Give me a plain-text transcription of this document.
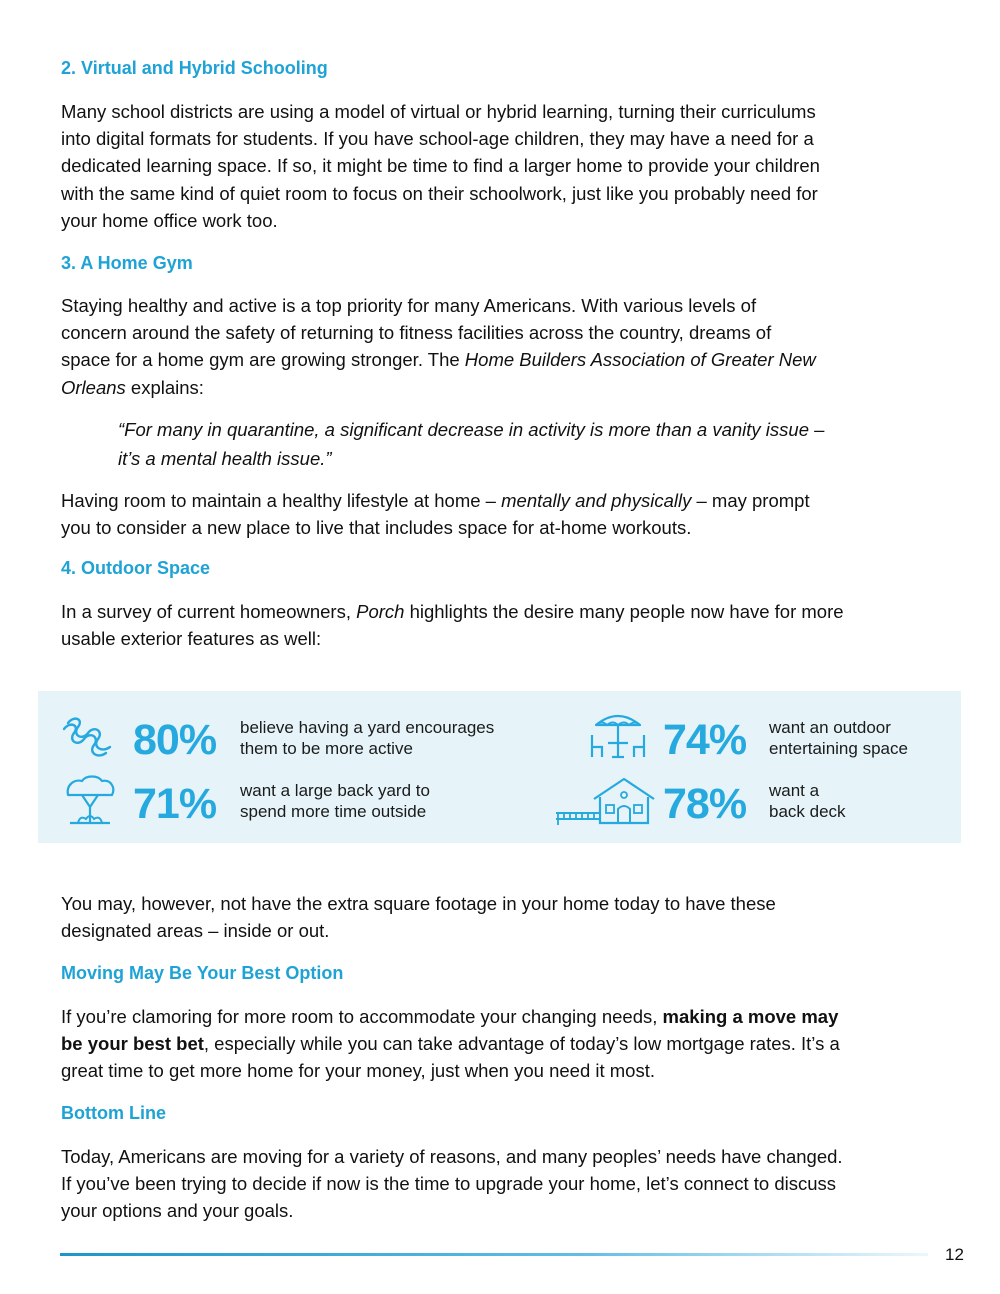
2. Virtual and Hybrid Schooling

Many school districts are using a model of virtual or hybrid learning, turning their curriculums
into digital formats for students. If you have school-age children, they may have a need for a
dedicated learning space. If so, it might be time to find a larger home to provide your children
with the same kind of quiet room to focus on their schoolwork, just like you probably need for
your home office work too.

3. A Home Gym

Staying healthy and active is a top priority for many Americans. With various levels of
concern around the safety of returning to fitness facilities across the country, dreams of
space for a home gym are growing stronger. The Home Builders Association of Greater New
Orleans explains:

“For many in quarantine, a significant decrease in activity is more than a vanity issue –
it’s a mental health issue.”

Having room to maintain a healthy lifestyle at home – mentally and physically – may prompt
you to consider a new place to live that includes space for at-home workouts.

4. Outdoor Space

In a survey of current homeowners, Porch highlights the desire many people now have for more
usable exterior features as well:

80% believe having a yard encourages
them to be more active	74% want an outdoor
entertaining space
71% want a large back yard to
spend more time outside	78% want a
back deck

You may, however, not have the extra square footage in your home today to have these
designated areas – inside or out.

Moving May Be Your Best Option

If you’re clamoring for more room to accommodate your changing needs, making a move may
be your best bet, especially while you can take advantage of today’s low mortgage rates. It’s a
great time to get more home for your money, just when you need it most.

Bottom Line

Today, Americans are moving for a variety of reasons, and many peoples’ needs have changed.
If you’ve been trying to decide if now is the time to upgrade your home, let’s connect to discuss
your options and your goals.

12
